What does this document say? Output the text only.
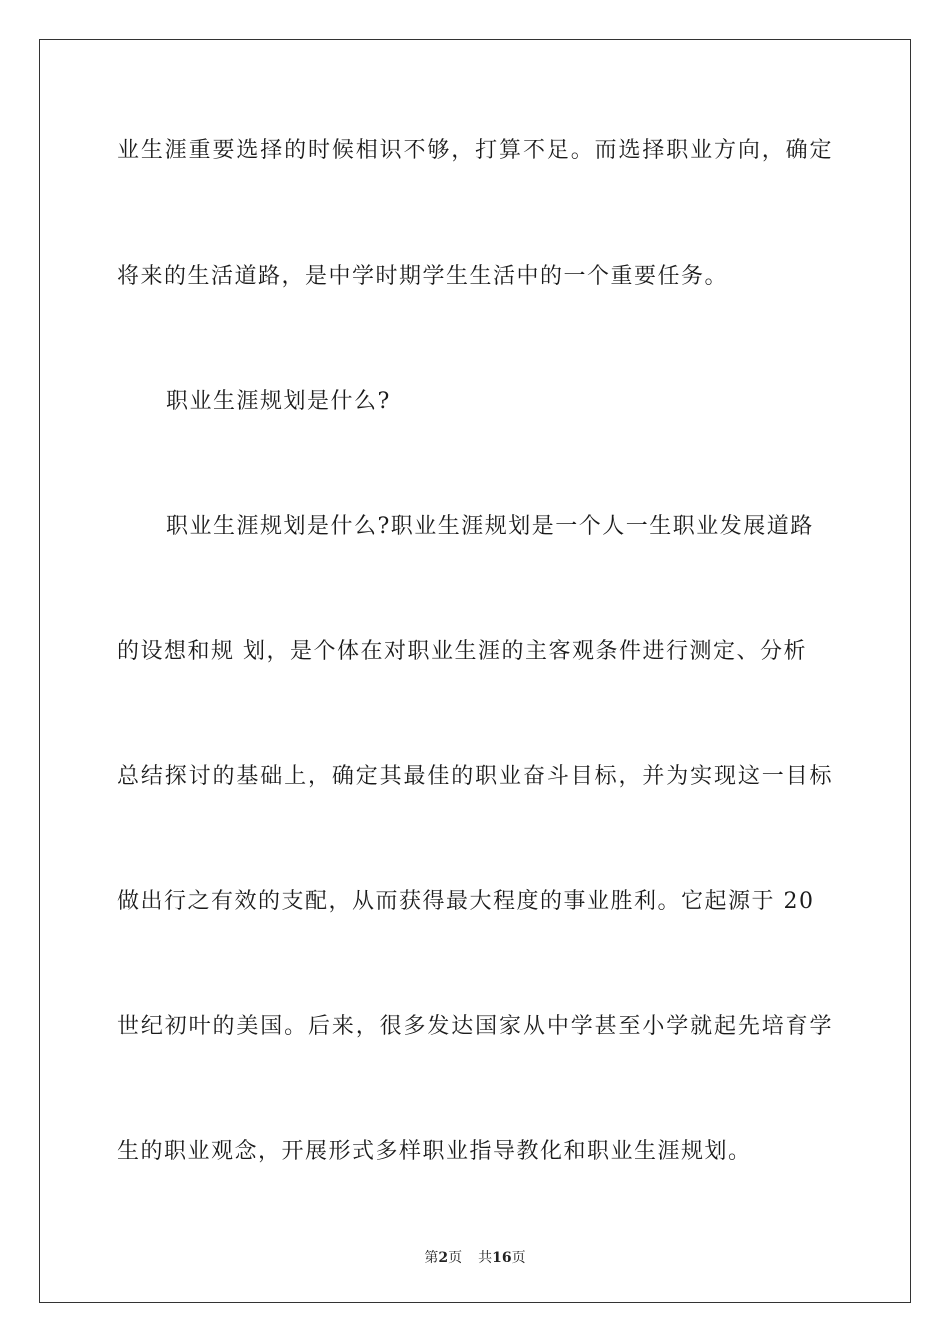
业生涯重要选择的时候相识不够，打算不足。而选择职业方向，确定
将来的生活道路，是中学时期学生生活中的一个重要任务。
职业生涯规划是什么?
职业生涯规划是什么?职业生涯规划是一个人一生职业发展道路
的设想和规 划，是个体在对职业生涯的主客观条件进行测定、分析
总结探讨的基础上，确定其最佳的职业奋斗目标，并为实现这一目标
做出行之有效的支配，从而获得最大程度的事业胜利。它起源于 20
世纪初叶的美国。后来，很多发达国家从中学甚至小学就起先培育学
生的职业观念，开展形式多样职业指导教化和职业生涯规划。
第2页 共16页
